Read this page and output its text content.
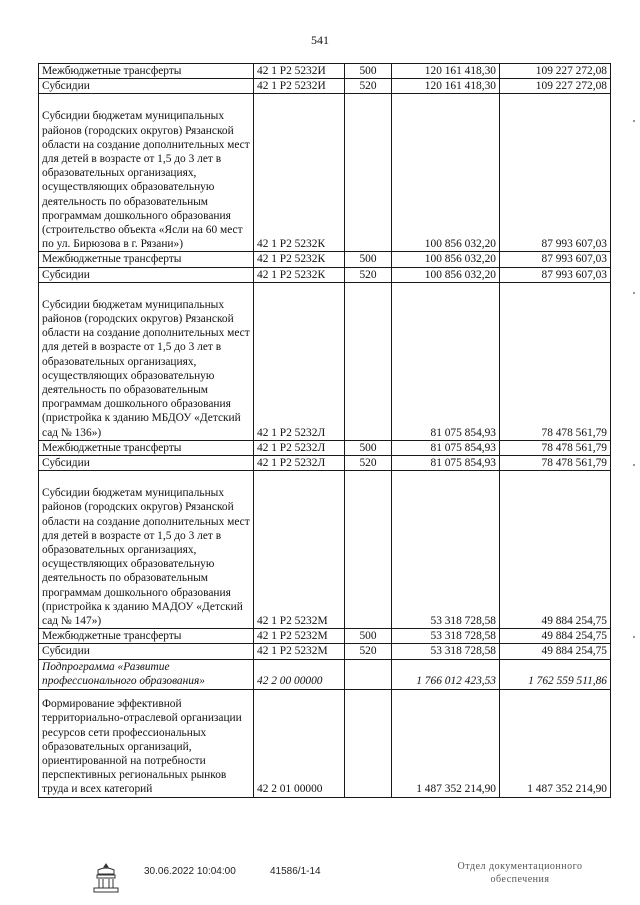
541
Межбюджетные трансферты	42 1 Р2 5232И	500	120 161 418,30	109 227 272,08
Субсидии	42 1 Р2 5232И	520	120 161 418,30	109 227 272,08
Субсидии бюджетам муниципальных районов (городских округов) Рязанской области на создание дополнительных мест для детей в возрасте от 1,5 до 3 лет в образовательных организациях, осуществляющих образовательную деятельность по образовательным программам дошкольного образования (строительство объекта «Ясли на 60 мест по ул. Бирюзова в г. Рязани»)	42 1 Р2 5232К		100 856 032,20	87 993 607,03
Межбюджетные трансферты	42 1 Р2 5232К	500	100 856 032,20	87 993 607,03
Субсидии	42 1 Р2 5232К	520	100 856 032,20	87 993 607,03
Субсидии бюджетам муниципальных районов (городских округов) Рязанской области на создание дополнительных мест для детей в возрасте от 1,5 до 3 лет в образовательных организациях, осуществляющих образовательную деятельность по образовательным программам дошкольного образования (пристройка к зданию МБДОУ «Детский сад № 136»)	42 1 Р2 5232Л		81 075 854,93	78 478 561,79
Межбюджетные трансферты	42 1 Р2 5232Л	500	81 075 854,93	78 478 561,79
Субсидии	42 1 Р2 5232Л	520	81 075 854,93	78 478 561,79
Субсидии бюджетам муниципальных районов (городских округов) Рязанской области на создание дополнительных мест для детей в возрасте от 1,5 до 3 лет в образовательных организациях, осуществляющих образовательную деятельность по образовательным программам дошкольного образования (пристройка к зданию МАДОУ «Детский сад № 147»)	42 1 Р2 5232М		53 318 728,58	49 884 254,75
Межбюджетные трансферты	42 1 Р2 5232М	500	53 318 728,58	49 884 254,75
Субсидии	42 1 Р2 5232М	520	53 318 728,58	49 884 254,75
Подпрограмма «Развитие профессионального образования»	42 2 00 00000		1 766 012 423,53	1 762 559 511,86
Формирование эффективной территориально-отраслевой организации ресурсов сети профессиональных образовательных организаций, ориентированной на потребности перспективных региональных рынков труда и всех категорий	42 2 01 00000		1 487 352 214,90	1 487 352 214,90
30.06.2022 10:04:00	41586/1-14	Отдел документационного обеспечения
